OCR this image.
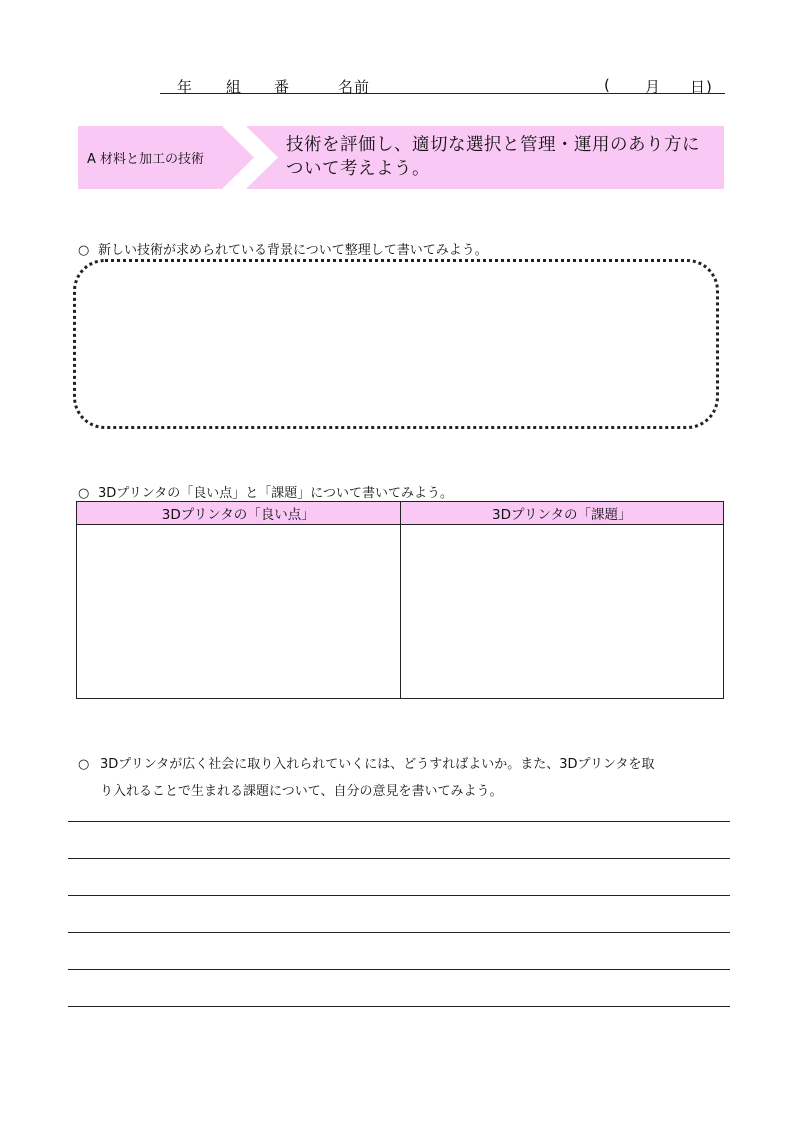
年 組 番	名前	( 月 日)
A 材料と加工の技術
技術を評価し、適切な選択と管理・運用のあり方に
ついて考えよう。
○ 新しい技術が求められている背景について整理して書いてみよう。
○ 3Dプリンタの「良い点」と「課題」について書いてみよう。
3Dプリンタの「良い点」	3Dプリンタの「課題」

○ 3Dプリンタが広く社会に取り入れられていくには、どうすればよいか。また、3Dプリンタを取
り入れることで生まれる課題について、自分の意見を書いてみよう。
